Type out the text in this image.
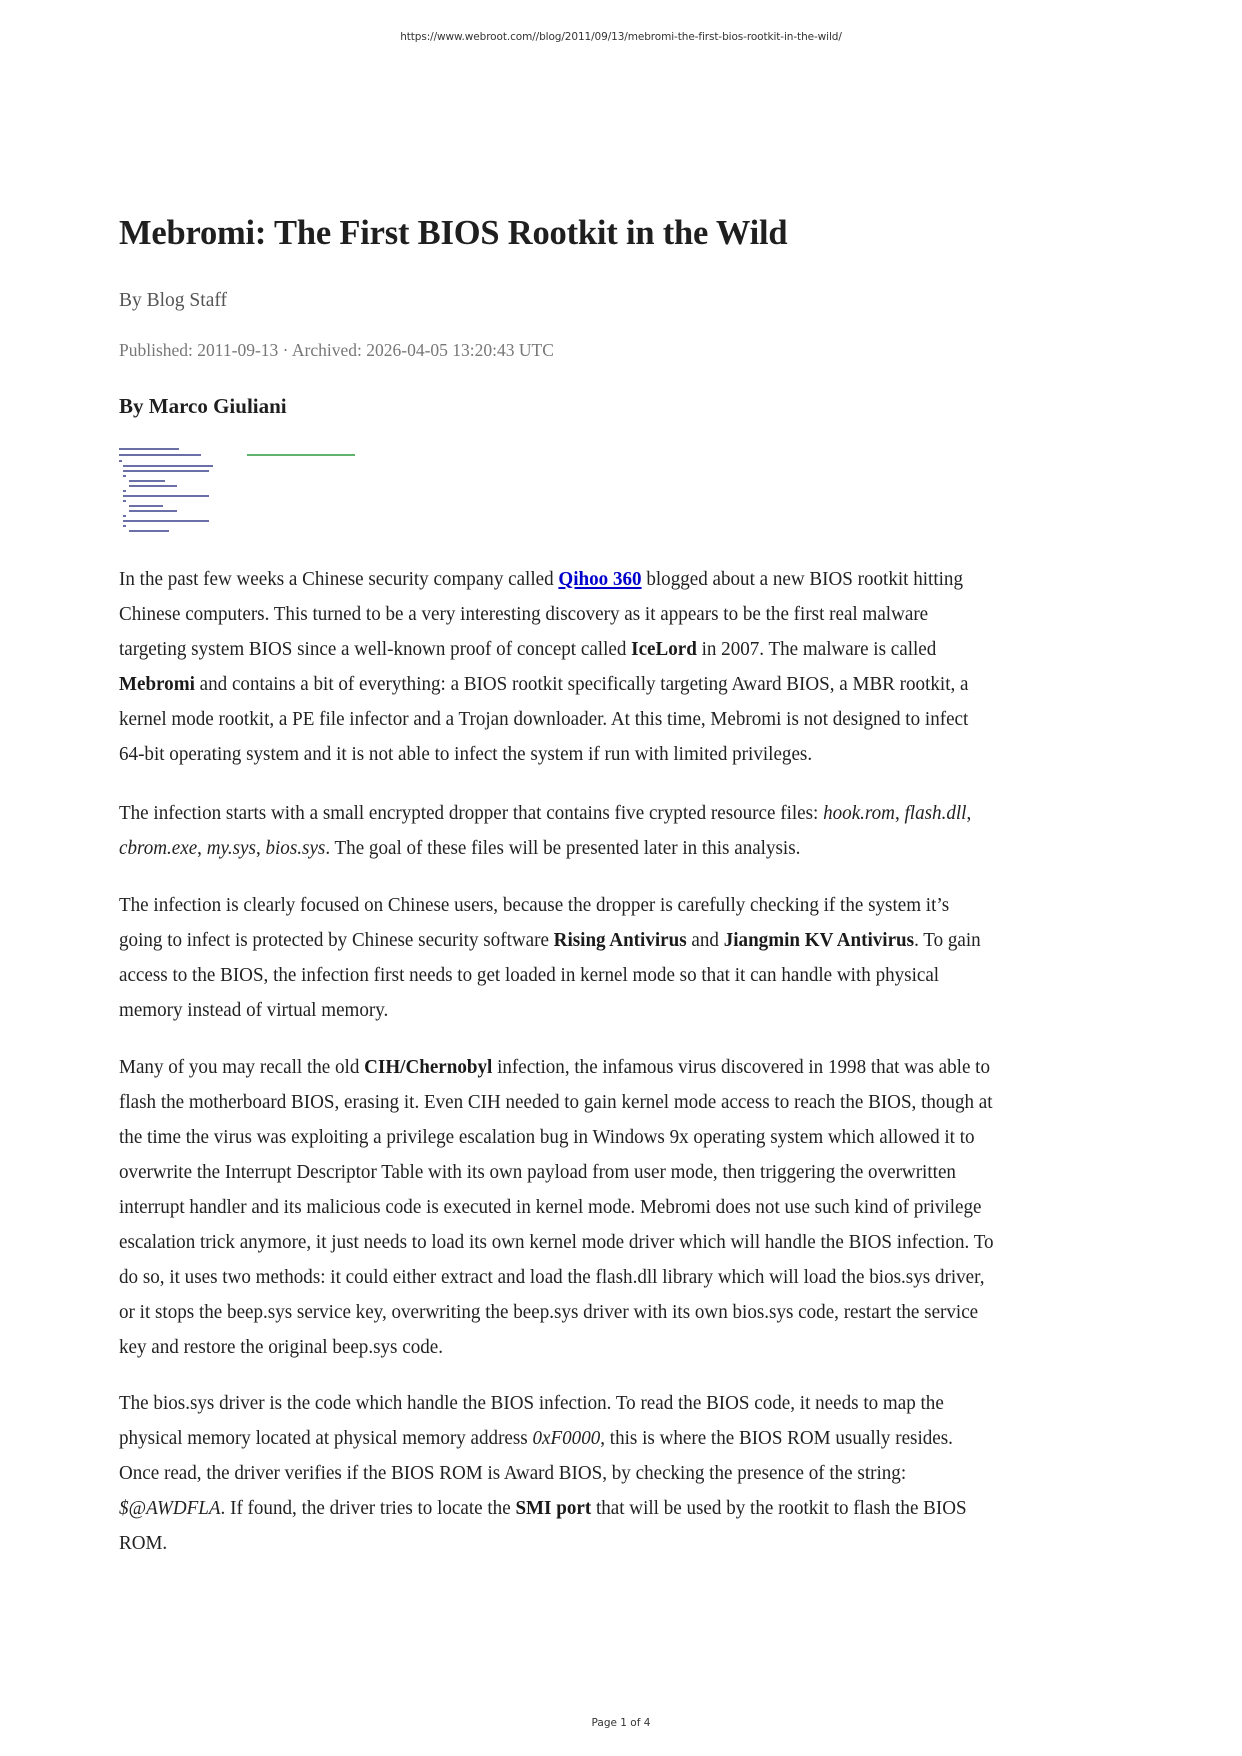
https://www.webroot.com//blog/2011/09/13/mebromi-the-first-bios-rootkit-in-the-wild/
Mebromi: The First BIOS Rootkit in the Wild
By Blog Staff
Published: 2011-09-13 · Archived: 2026-04-05 13:20:43 UTC
By Marco Giuliani

In the past few weeks a Chinese security company called Qihoo 360 blogged about a new BIOS rootkit hitting
Chinese computers. This turned to be a very interesting discovery as it appears to be the first real malware
targeting system BIOS since a well-known proof of concept called IceLord in 2007. The malware is called
Mebromi and contains a bit of everything: a BIOS rootkit specifically targeting Award BIOS, a MBR rootkit, a
kernel mode rootkit, a PE file infector and a Trojan downloader. At this time, Mebromi is not designed to infect
64-bit operating system and it is not able to infect the system if run with limited privileges.

The infection starts with a small encrypted dropper that contains five crypted resource files: hook.rom, flash.dll,
cbrom.exe, my.sys, bios.sys. The goal of these files will be presented later in this analysis.

The infection is clearly focused on Chinese users, because the dropper is carefully checking if the system it’s
going to infect is protected by Chinese security software Rising Antivirus and Jiangmin KV Antivirus. To gain
access to the BIOS, the infection first needs to get loaded in kernel mode so that it can handle with physical
memory instead of virtual memory.

Many of you may recall the old CIH/Chernobyl infection, the infamous virus discovered in 1998 that was able to
flash the motherboard BIOS, erasing it. Even CIH needed to gain kernel mode access to reach the BIOS, though at
the time the virus was exploiting a privilege escalation bug in Windows 9x operating system which allowed it to
overwrite the Interrupt Descriptor Table with its own payload from user mode, then triggering the overwritten
interrupt handler and its malicious code is executed in kernel mode. Mebromi does not use such kind of privilege
escalation trick anymore, it just needs to load its own kernel mode driver which will handle the BIOS infection. To
do so, it uses two methods: it could either extract and load the flash.dll library which will load the bios.sys driver,
or it stops the beep.sys service key, overwriting the beep.sys driver with its own bios.sys code, restart the service
key and restore the original beep.sys code.

The bios.sys driver is the code which handle the BIOS infection. To read the BIOS code, it needs to map the
physical memory located at physical memory address 0xF0000, this is where the BIOS ROM usually resides.
Once read, the driver verifies if the BIOS ROM is Award BIOS, by checking the presence of the string:
$@AWDFLA. If found, the driver tries to locate the SMI port that will be used by the rootkit to flash the BIOS
ROM.

Page 1 of 4
